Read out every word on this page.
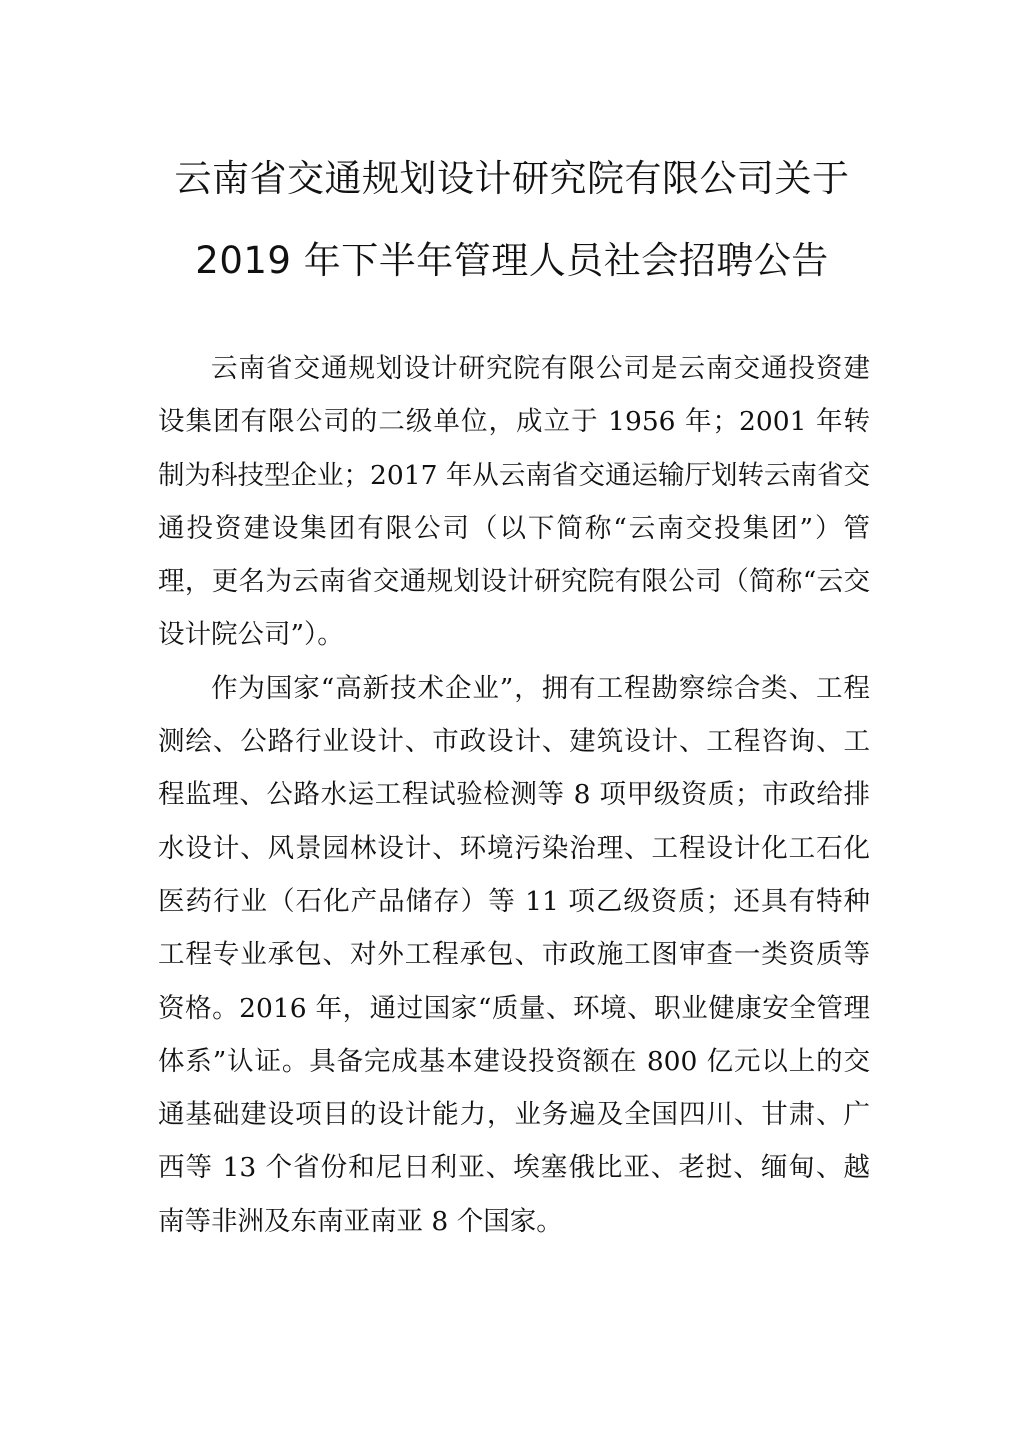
云南省交通规划设计研究院有限公司关于
2019 年下半年管理人员社会招聘公告

云南省交通规划设计研究院有限公司是云南交通投资建设集团有限公司的二级单位，成立于 1956 年；2001 年转制为科技型企业；2017 年从云南省交通运输厅划转云南省交通投资建设集团有限公司（以下简称“云南交投集团”）管理，更名为云南省交通规划设计研究院有限公司（简称“云交设计院公司”）。

作为国家“高新技术企业”，拥有工程勘察综合类、工程测绘、公路行业设计、市政设计、建筑设计、工程咨询、工程监理、公路水运工程试验检测等 8 项甲级资质；市政给排水设计、风景园林设计、环境污染治理、工程设计化工石化医药行业（石化产品储存）等 11 项乙级资质；还具有特种工程专业承包、对外工程承包、市政施工图审查一类资质等资格。2016 年，通过国家“质量、环境、职业健康安全管理体系”认证。具备完成基本建设投资额在 800 亿元以上的交通基础建设项目的设计能力，业务遍及全国四川、甘肃、广西等 13 个省份和尼日利亚、埃塞俄比亚、老挝、缅甸、越南等非洲及东南亚南亚 8 个国家。
